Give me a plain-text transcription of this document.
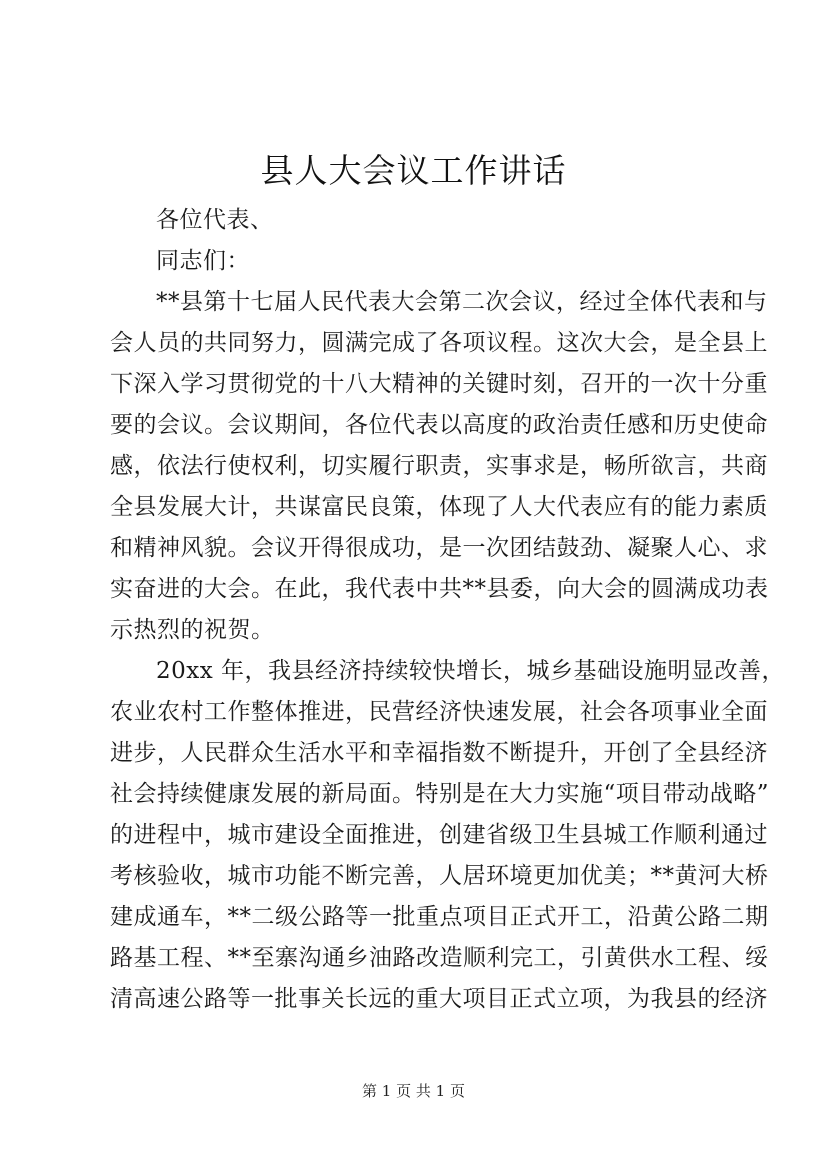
县人大会议工作讲话
各位代表、
同志们：
**县第十七届人民代表大会第二次会议，经过全体代表和与
会人员的共同努力，圆满完成了各项议程。这次大会，是全县上
下深入学习贯彻党的十八大精神的关键时刻，召开的一次十分重
要的会议。会议期间，各位代表以高度的政治责任感和历史使命
感，依法行使权利，切实履行职责，实事求是，畅所欲言，共商
全县发展大计，共谋富民良策，体现了人大代表应有的能力素质
和精神风貌。会议开得很成功，是一次团结鼓劲、凝聚人心、求
实奋进的大会。在此，我代表中共**县委，向大会的圆满成功表
示热烈的祝贺。
20xx 年，我县经济持续较快增长，城乡基础设施明显改善，
农业农村工作整体推进，民营经济快速发展，社会各项事业全面
进步，人民群众生活水平和幸福指数不断提升，开创了全县经济
社会持续健康发展的新局面。特别是在大力实施“项目带动战略”
的进程中，城市建设全面推进，创建省级卫生县城工作顺利通过
考核验收，城市功能不断完善，人居环境更加优美；**黄河大桥
建成通车，**二级公路等一批重点项目正式开工，沿黄公路二期
路基工程、**至寨沟通乡油路改造顺利完工，引黄供水工程、绥
清高速公路等一批事关长远的重大项目正式立项，为我县的经济
第 1 页 共 1 页
